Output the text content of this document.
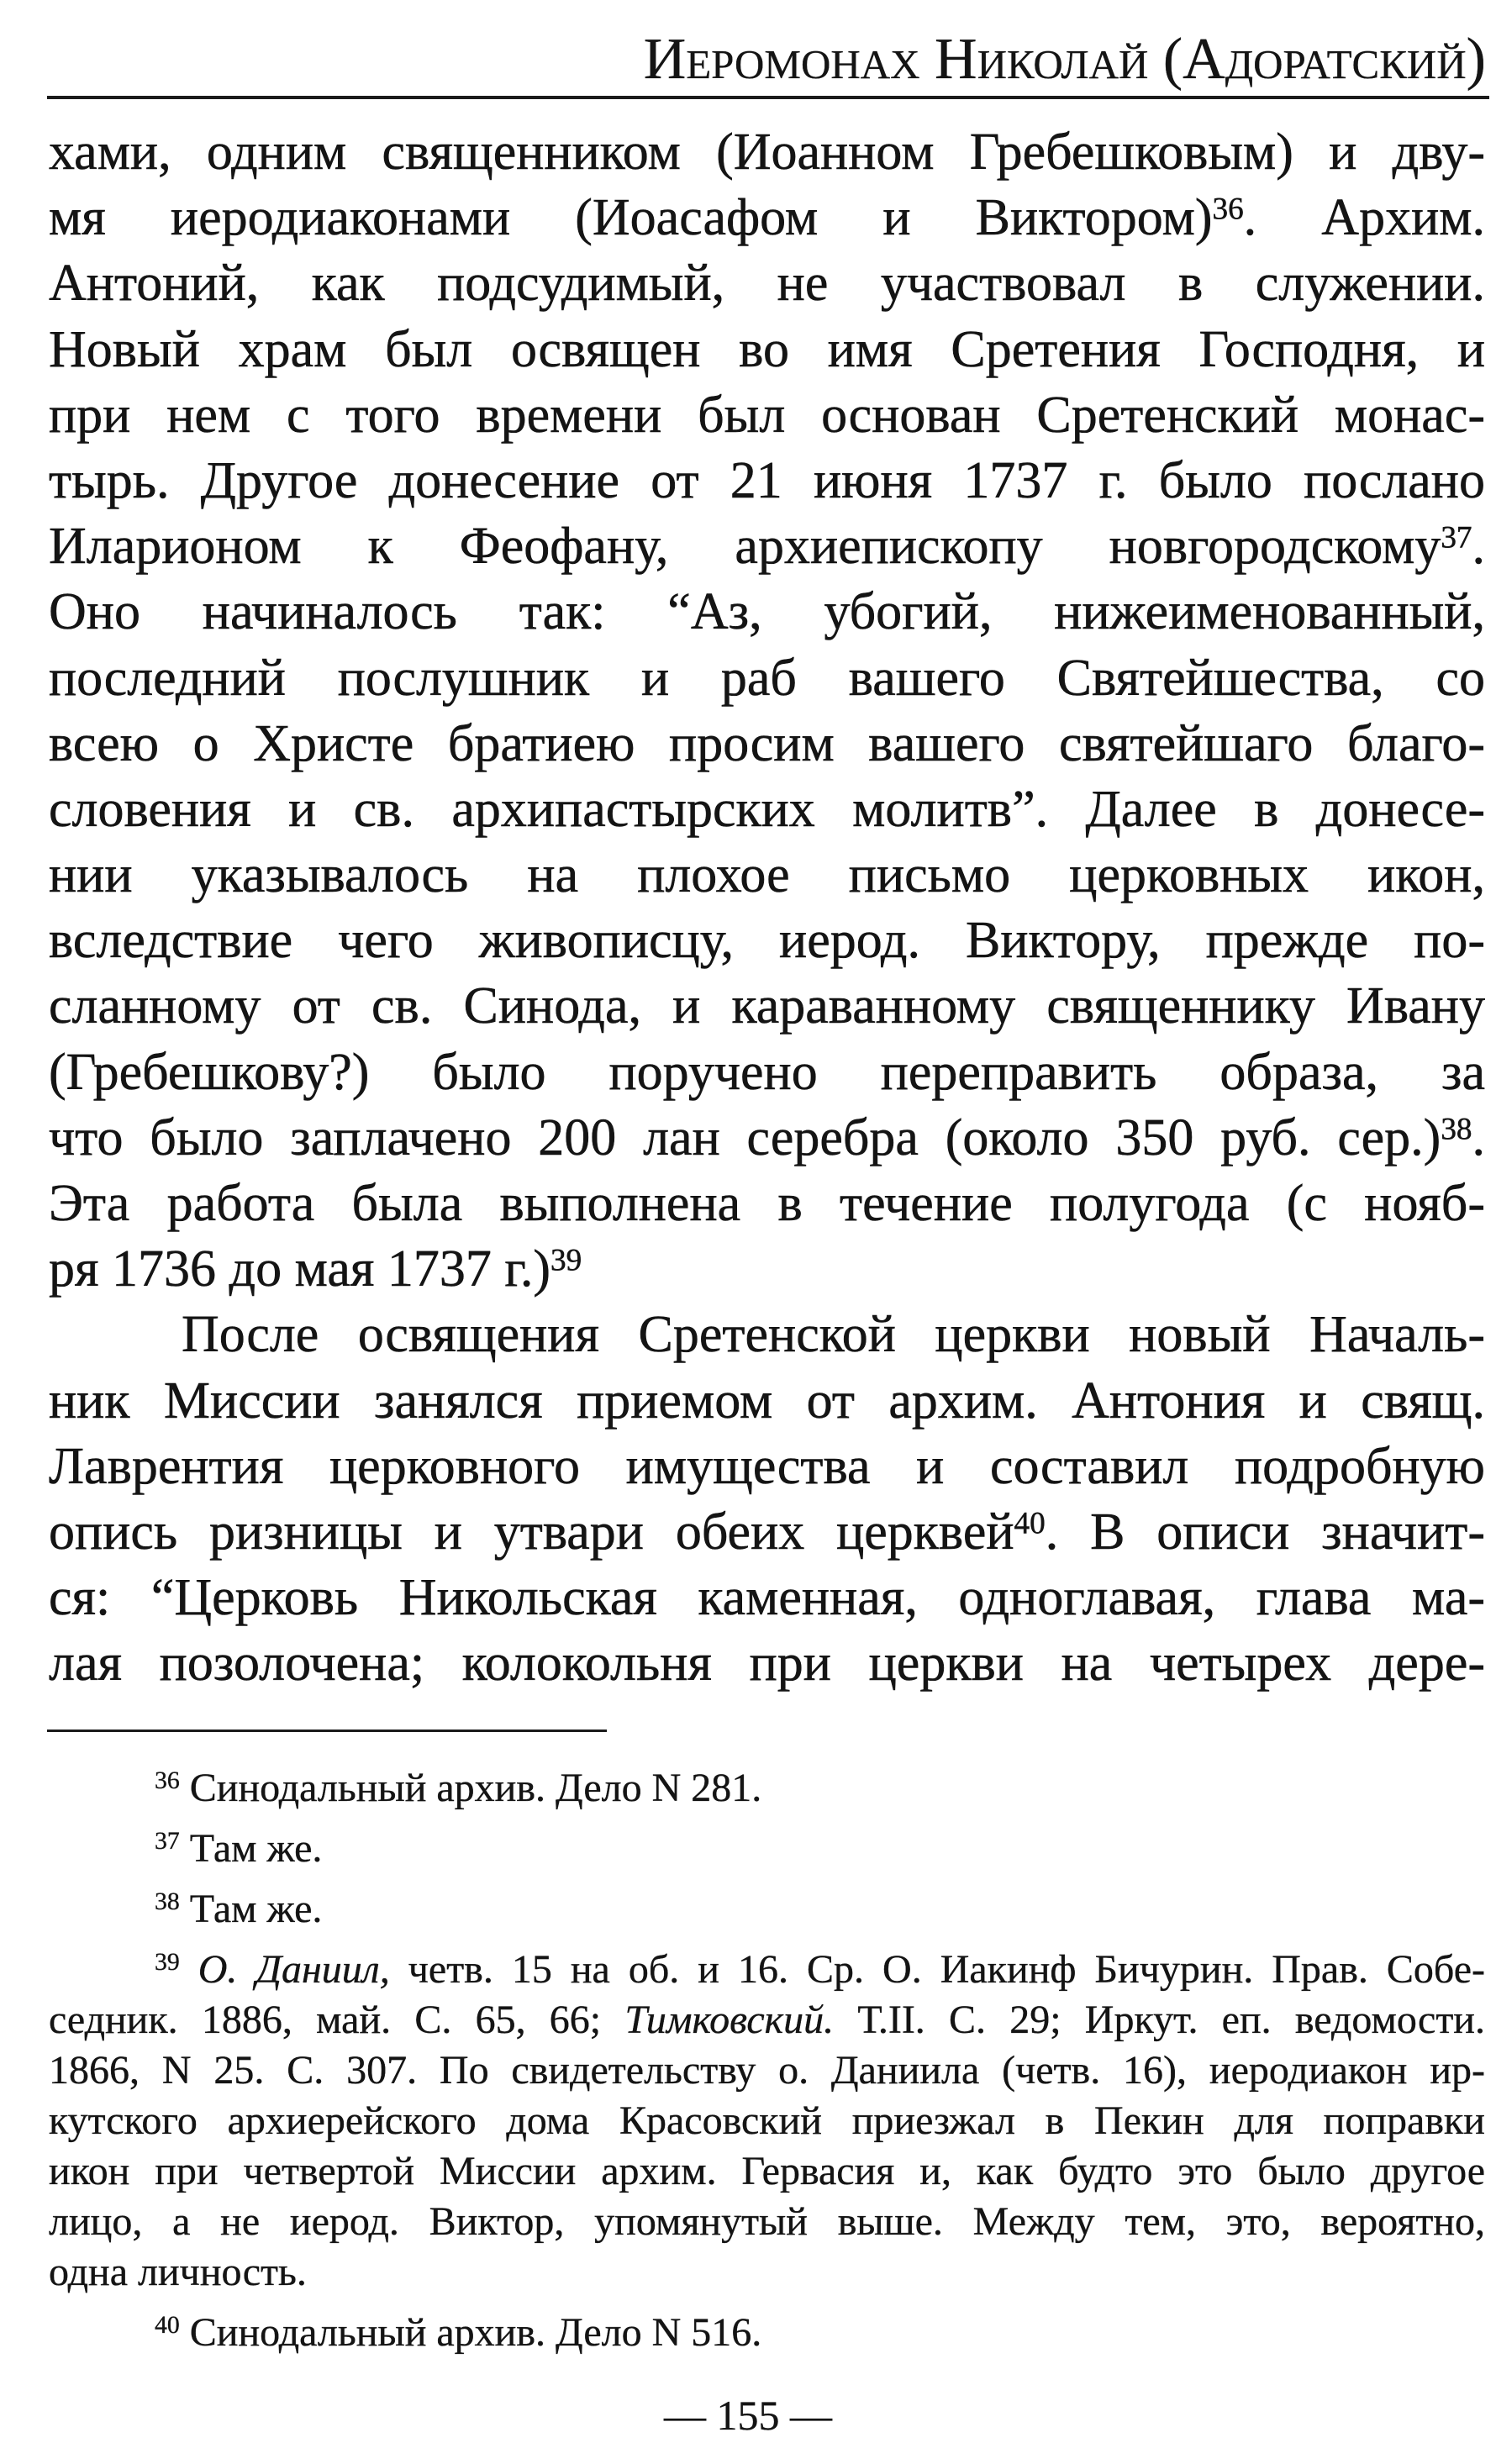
Иеромонах Николай (Адоратский)
хами, одним священником (Иоанном Гребешковым) и дву-
мя иеродиаконами (Иоасафом и Виктором)$^{36}$. Архим.
Антоний, как подсудимый, не участвовал в служении.
Новый храм был освящен во имя Сретения Господня, и
при нем с того времени был основан Сретенский монас-
тырь. Другое донесение от 21 июня 1737 г. было послано
Иларионом к Феофану, архиепископу новгородскому$^{37}$.
Оно начиналось так: “Аз, убогий, нижеименованный,
последний послушник и раб вашего Святейшества, со
всею о Христе братиею просим вашего святейшаго благо-
словения и св. архипастырских молитв”. Далее в донесе-
нии указывалось на плохое письмо церковных икон,
вследствие чего живописцу, иерод. Виктору, прежде по-
сланному от св. Синода, и караванному священнику Ивану
(Гребешкову?) было поручено переправить образа, за
что было заплачено 200 лан серебра (около 350 руб. сер.)$^{38}$.
Эта работа была выполнена в течение полугода (с нояб-
ря 1736 до мая 1737 г.)$^{39}$
После освящения Сретенской церкви новый Началь-
ник Миссии занялся приемом от архим. Антония и свящ.
Лаврентия церковного имущества и составил подробную
опись ризницы и утвари обеих церквей$^{40}$. В описи значит-
ся: “Церковь Никольская каменная, одноглавая, глава ма-
лая позолочена; колокольня при церкви на четырех дере-
$^{36}$ Синодальный архив. Дело N 281.
$^{37}$ Там же.
$^{38}$ Там же.
$^{39}$ О. Даниил, четв. 15 на об. и 16. Ср. О. Иакинф Бичурин. Прав. Собе-
седник. 1886, май. С. 65, 66; Тимковский. Т.II. С. 29; Иркут. еп. ведомости.
1866, N 25. С. 307. По свидетельству о. Даниила (четв. 16), иеродиакон ир-
кутского архиерейского дома Красовский приезжал в Пекин для поправки
икон при четвертой Миссии архим. Гервасия и, как будто это было другое
лицо, а не иерод. Виктор, упомянутый выше. Между тем, это, вероятно,
одна личность.
$^{40}$ Синодальный архив. Дело N 516.
— 155 —
